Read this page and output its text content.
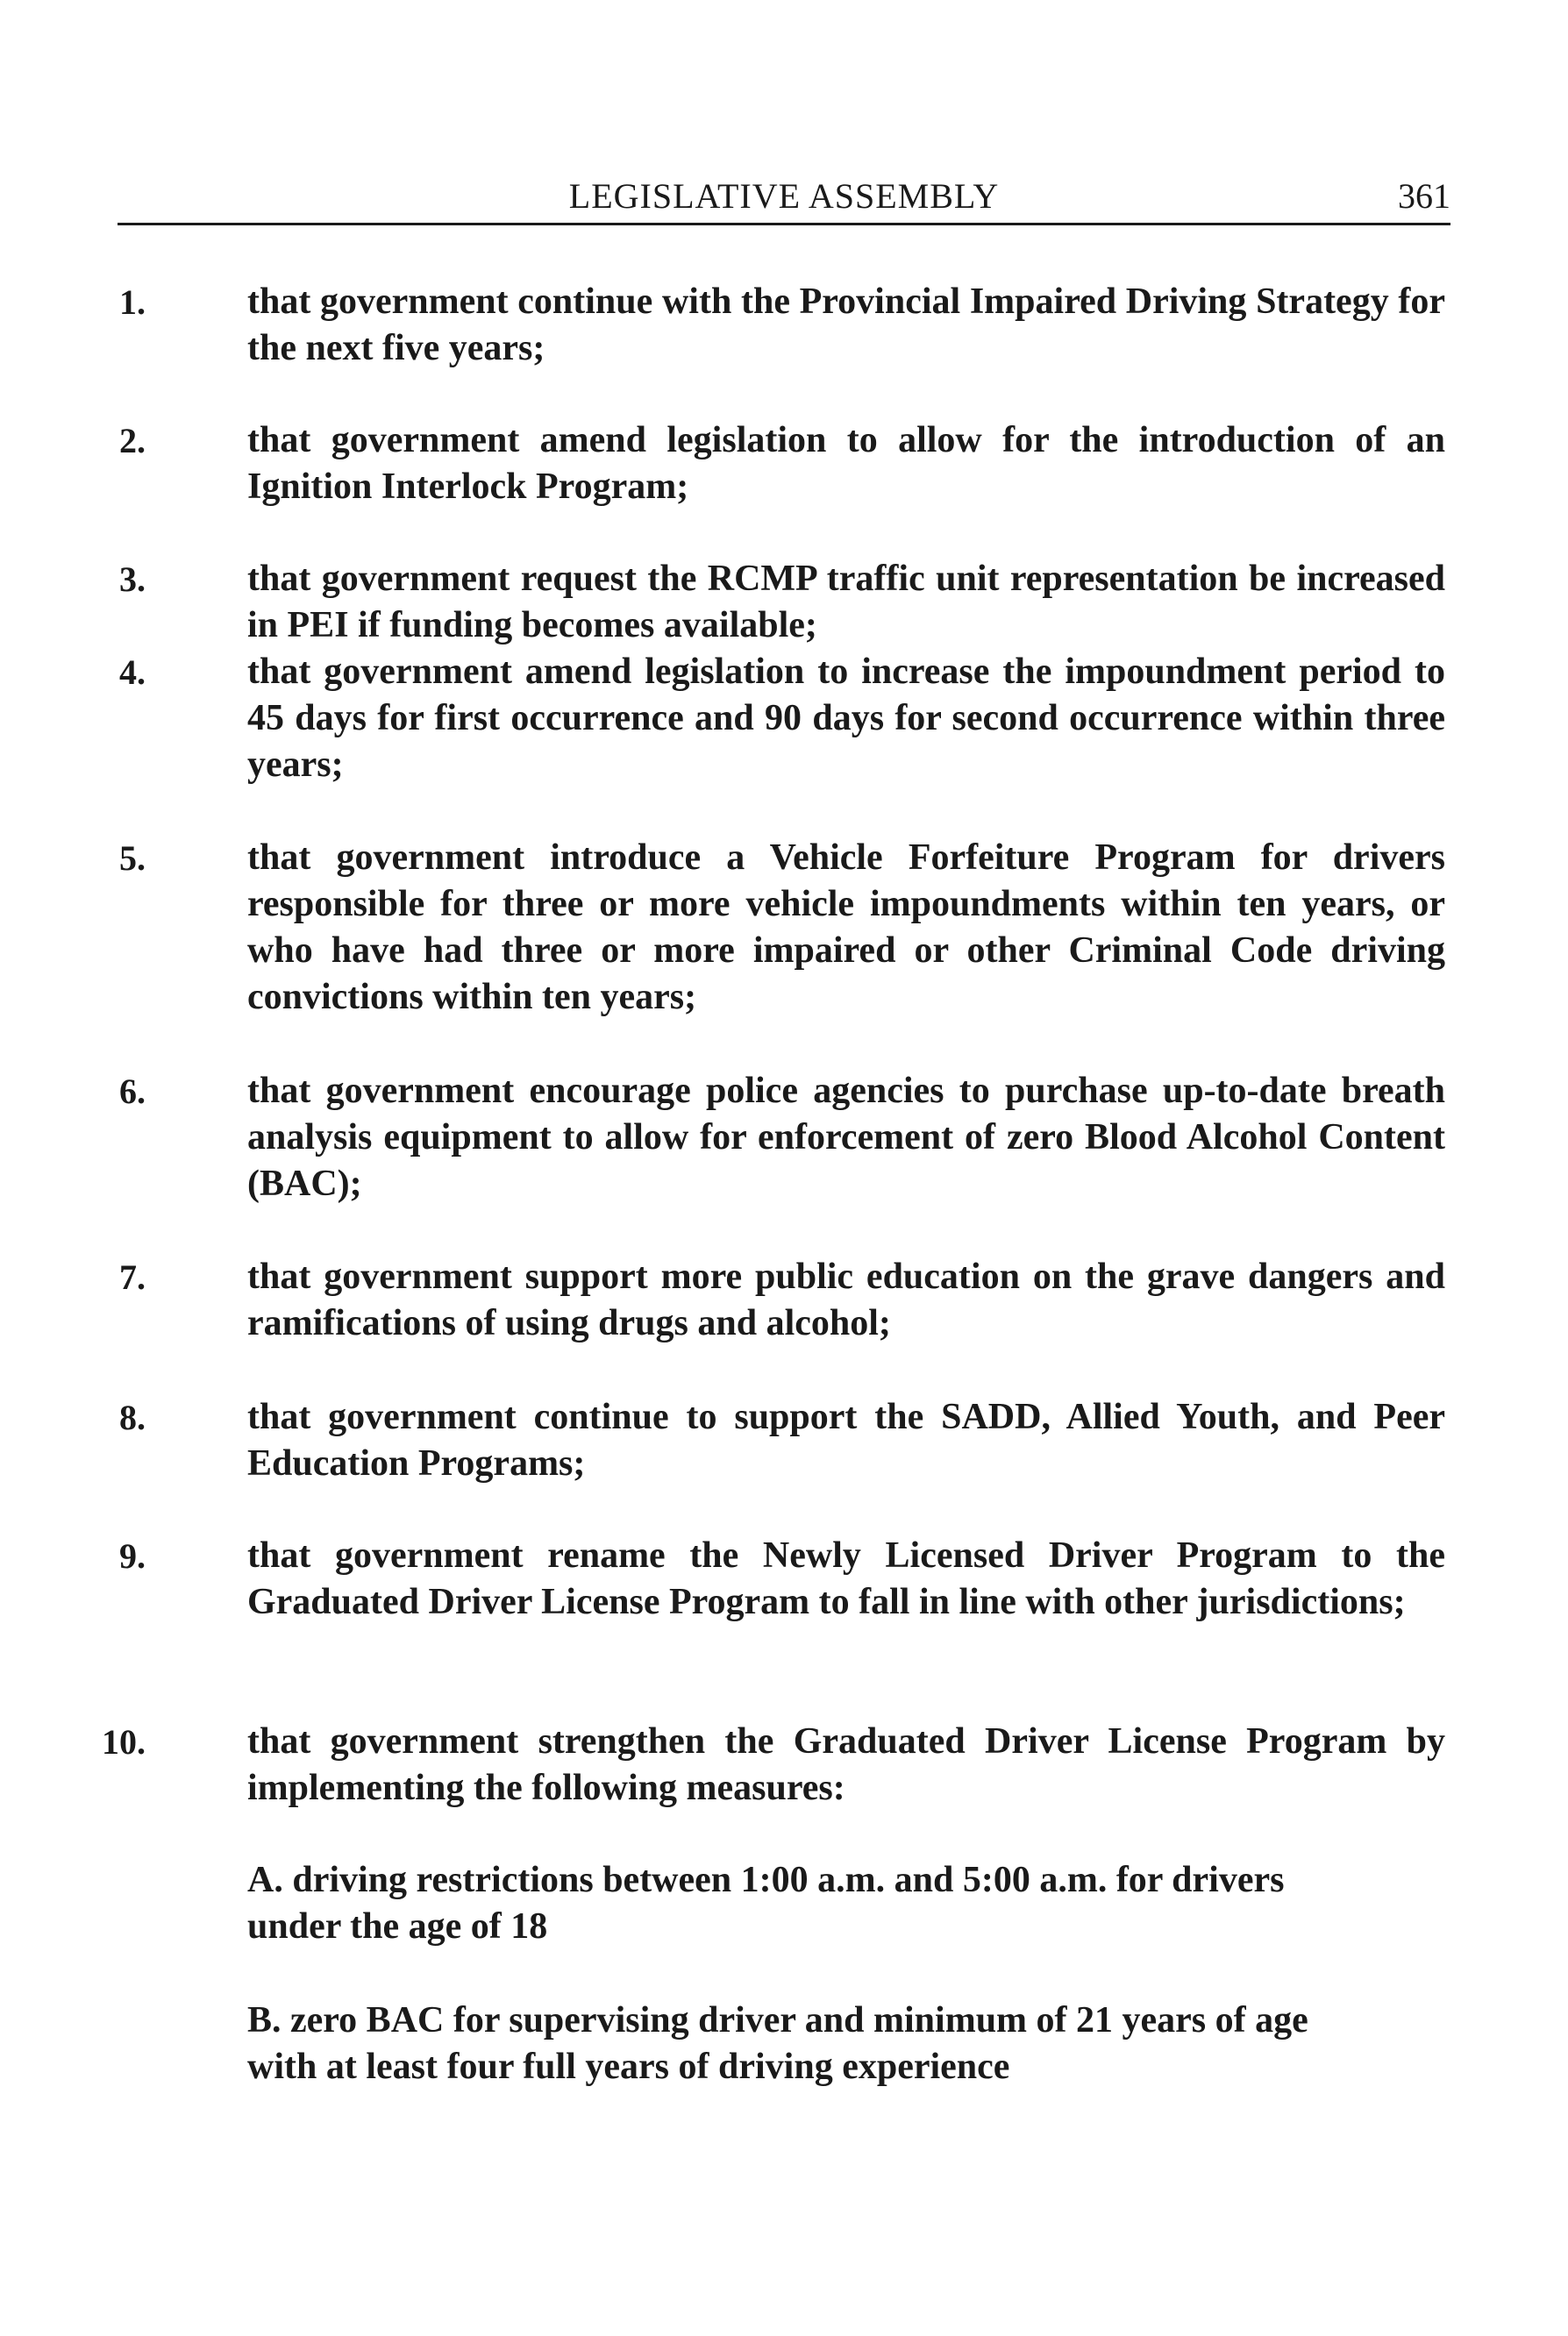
LEGISLATIVE ASSEMBLY	361
1.	that government continue with the Provincial Impaired Driving Strategy for the next five years;
2.	that government amend legislation to allow for the introduction of an Ignition Interlock Program;
3.	that government request the RCMP traffic unit representation be increased in PEI if funding becomes available;
4.	that government amend legislation to increase the impoundment period to 45 days for first occurrence and 90 days for second occurrence within three years;
5.	that government introduce a Vehicle Forfeiture Program for drivers responsible for three or more vehicle impoundments within ten years, or who have had three or more impaired or other Criminal Code driving convictions within ten years;
6.	that government encourage police agencies to purchase up-to-date breath analysis equipment to allow for enforcement of zero Blood Alcohol Content (BAC);
7.	that government support more public education on the grave dangers and ramifications of using drugs and alcohol;
8.	that government continue to support the SADD, Allied Youth, and Peer Education Programs;
9.	that government rename the Newly Licensed Driver Program to the Graduated Driver License Program to fall in line with other jurisdictions;
10.	that government strengthen the Graduated Driver License Program by implementing the following measures:
A. driving restrictions between 1:00 a.m. and 5:00 a.m. for drivers under the age of 18
B. zero BAC for supervising driver and minimum of 21 years of age with at least four full years of driving experience
